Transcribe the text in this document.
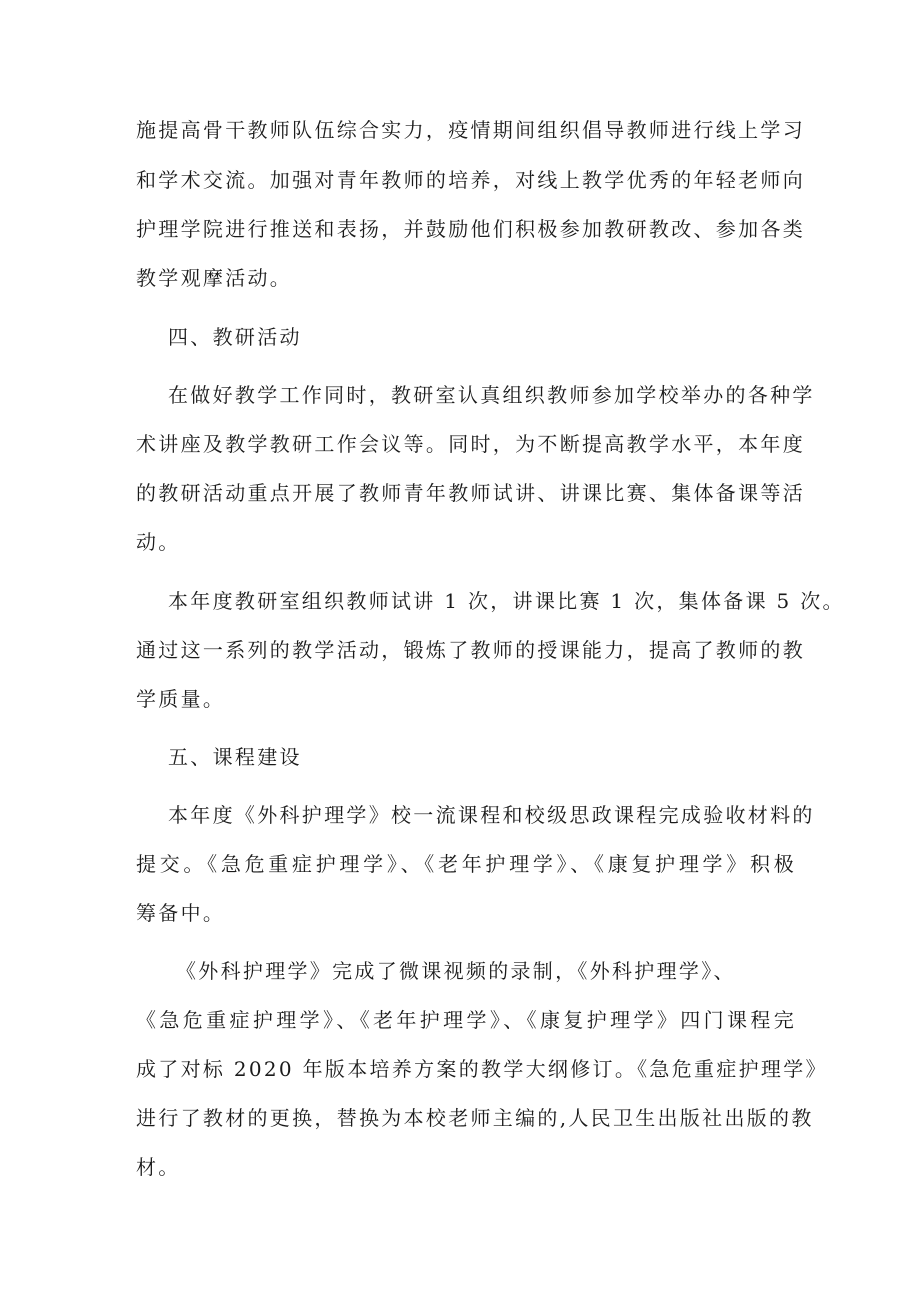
施提高骨干教师队伍综合实力，疫情期间组织倡导教师进行线上学习
和学术交流。加强对青年教师的培养，对线上教学优秀的年轻老师向
护理学院进行推送和表扬，并鼓励他们积极参加教研教改、参加各类
教学观摩活动。
四、教研活动
在做好教学工作同时，教研室认真组织教师参加学校举办的各种学
术讲座及教学教研工作会议等。同时，为不断提高教学水平，本年度
的教研活动重点开展了教师青年教师试讲、讲课比赛、集体备课等活
动。
本年度教研室组织教师试讲 1 次，讲课比赛 1 次，集体备课 5 次。
通过这一系列的教学活动，锻炼了教师的授课能力，提高了教师的教
学质量。
五、课程建设
本年度《外科护理学》校一流课程和校级思政课程完成验收材料的
提交。《急危重症护理学》、《老年护理学》、《康复护理学》积极
筹备中。
《外科护理学》完成了微课视频的录制，《外科护理学》、
《急危重症护理学》、《老年护理学》、《康复护理学》四门课程完
成了对标 2020 年版本培养方案的教学大纲修订。《急危重症护理学》
进行了教材的更换，替换为本校老师主编的,人民卫生出版社出版的教
材。
